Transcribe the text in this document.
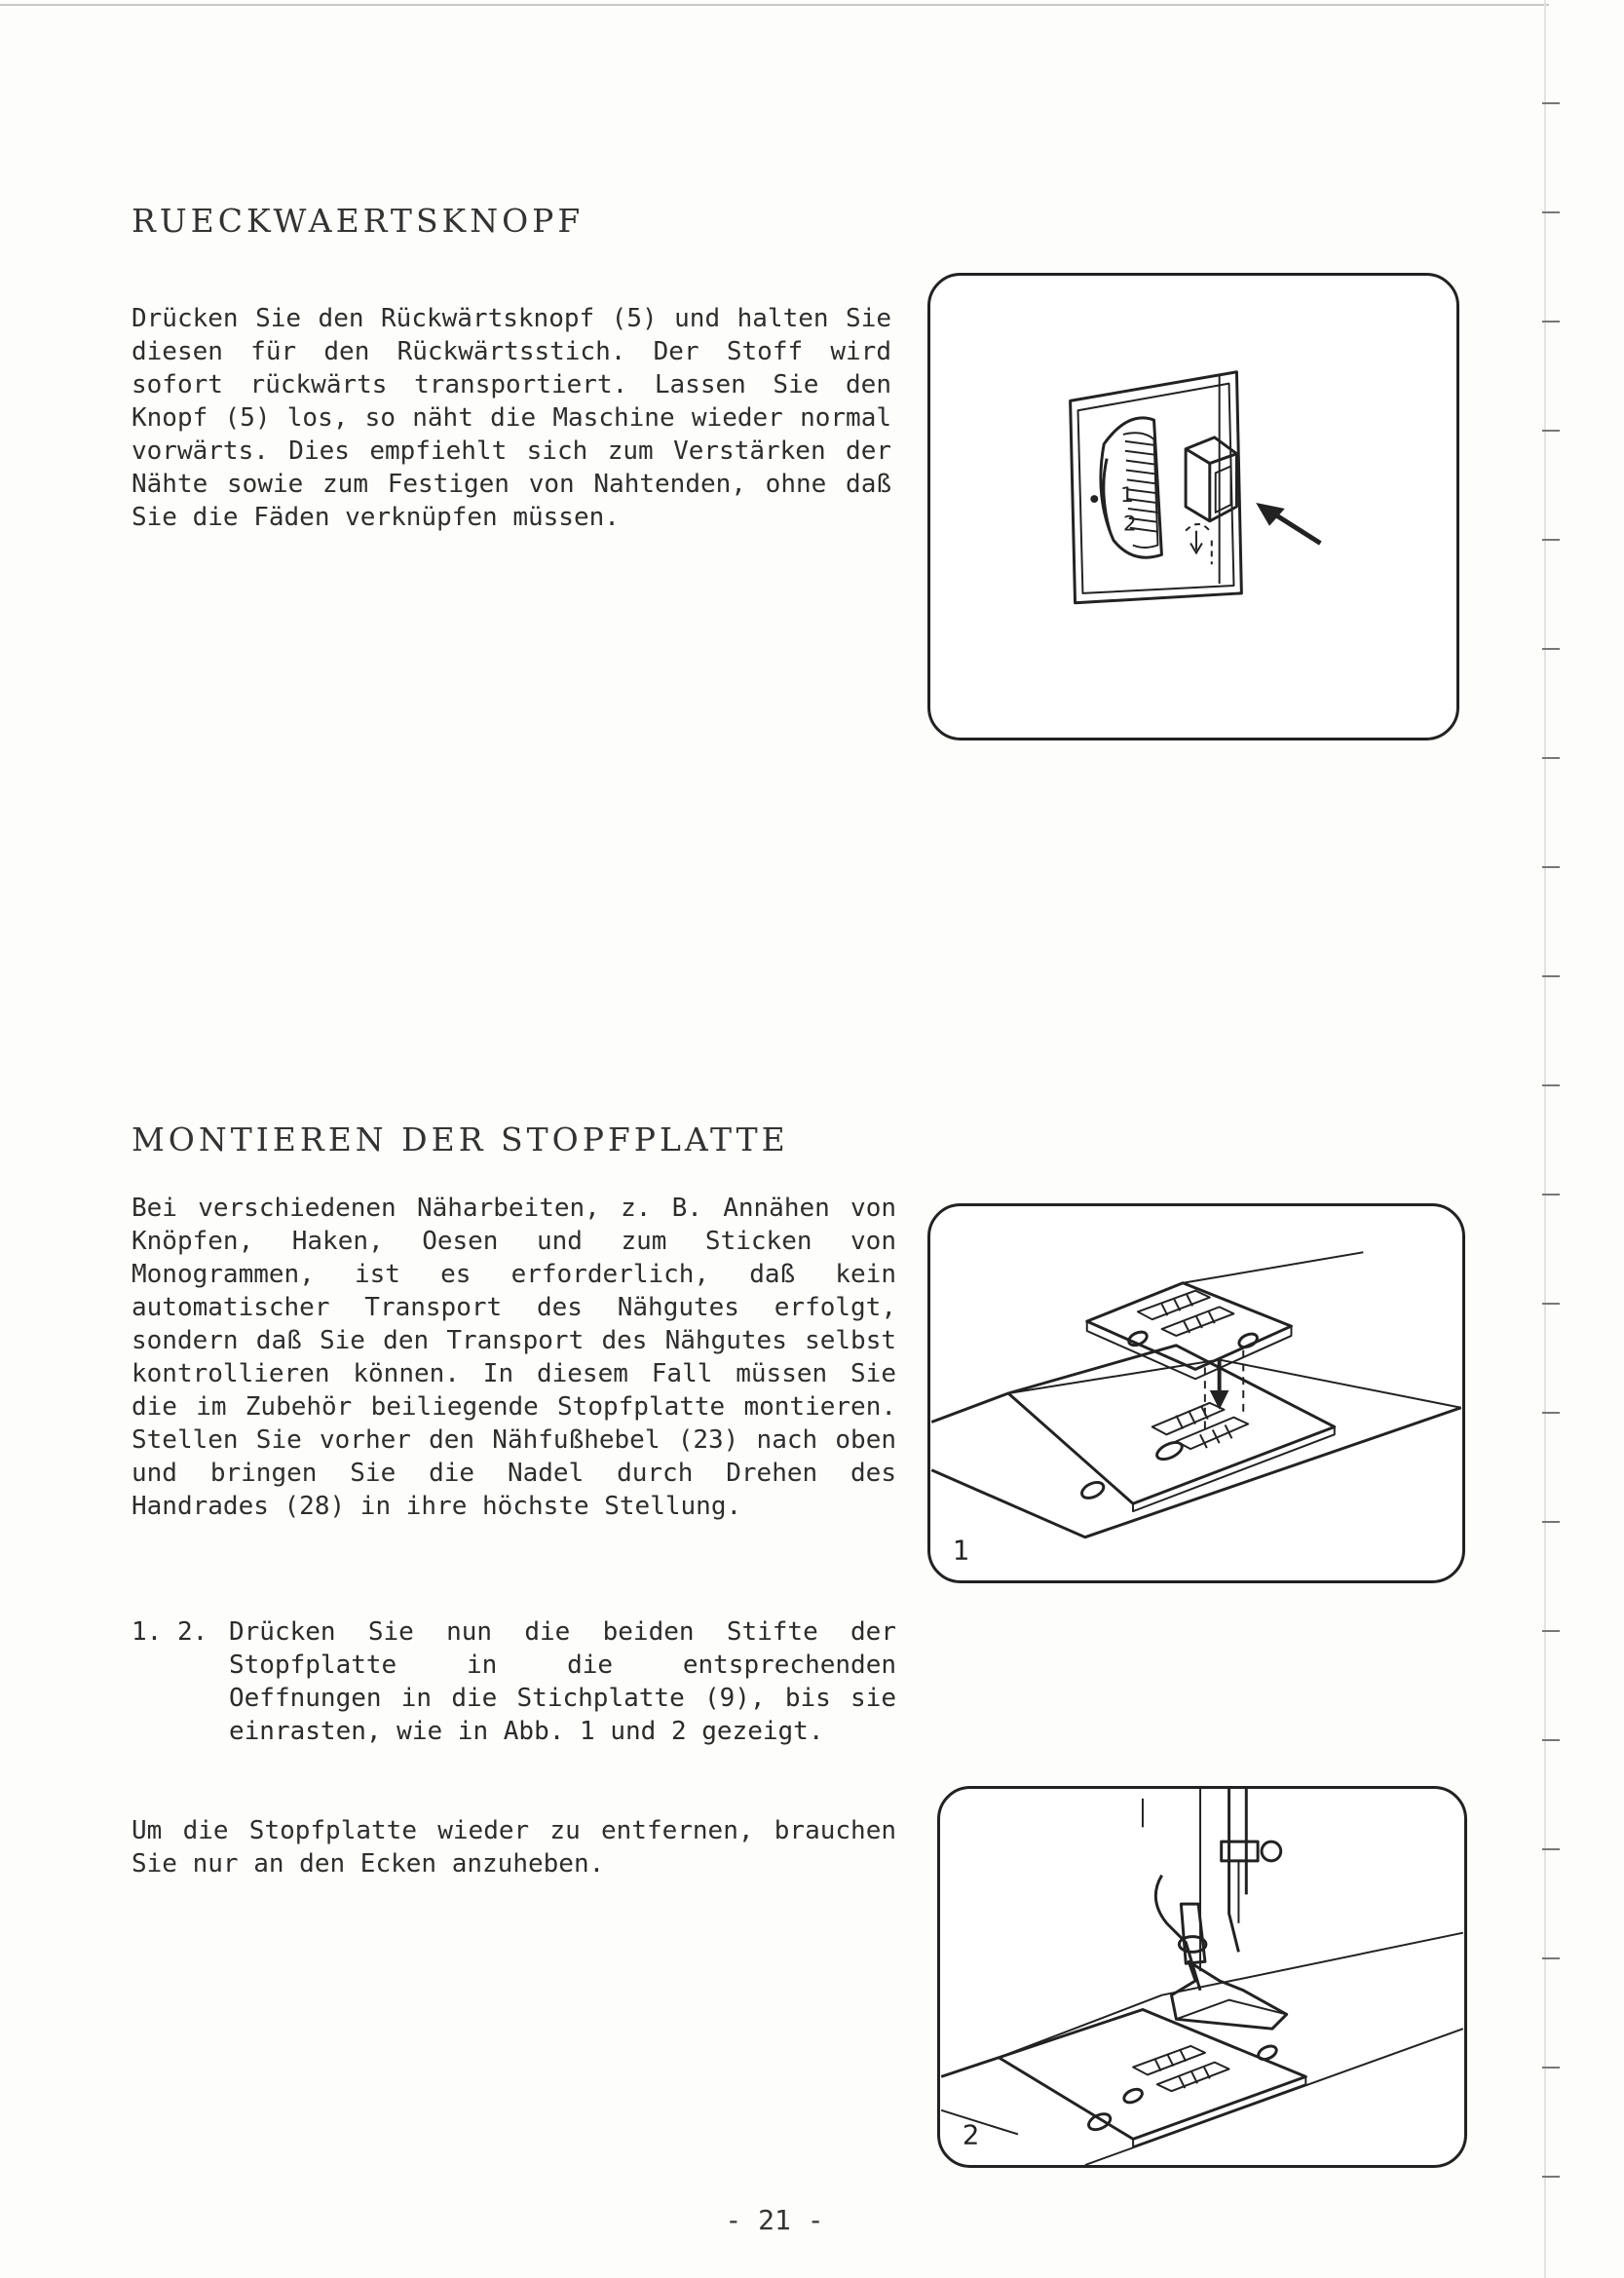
RUECKWAERTSKNOPF

Drücken Sie den Rückwärtsknopf (5) und halten Sie diesen für den Rückwärtsstich. Der Stoff wird sofort rückwärts transportiert. Lassen Sie den Knopf (5) los, so näht die Maschine wieder normal vorwärts. Dies empfiehlt sich zum Verstärken der Nähte sowie zum Festigen von Nahtenden, ohne daß Sie die Fäden verknüpfen müssen.

1
2
MONTIEREN DER STOPFPLATTE

Bei verschiedenen Näharbeiten, z. B. Annähen von Knöpfen, Haken, Oesen und zum Sticken von Monogrammen, ist es erforderlich, daß kein automatischer Transport des Nähgutes erfolgt, sondern daß Sie den Transport des Nähgutes selbst kontrollieren können. In diesem Fall müssen Sie die im Zubehör beiliegende Stopfplatte montieren. Stellen Sie vorher den Nähfußhebel (23) nach oben und bringen Sie die Nadel durch Drehen des Handrades (28) in ihre höchste Stellung.

1
1. 2. Drücken Sie nun die beiden Stifte der Stopfplatte in die entsprechenden Oeffnungen in die Stichplatte (9), bis sie einrasten, wie in Abb. 1 und 2 gezeigt.

Um die Stopfplatte wieder zu entfernen, brauchen Sie nur an den Ecken anzuheben.

2
- 21 -
